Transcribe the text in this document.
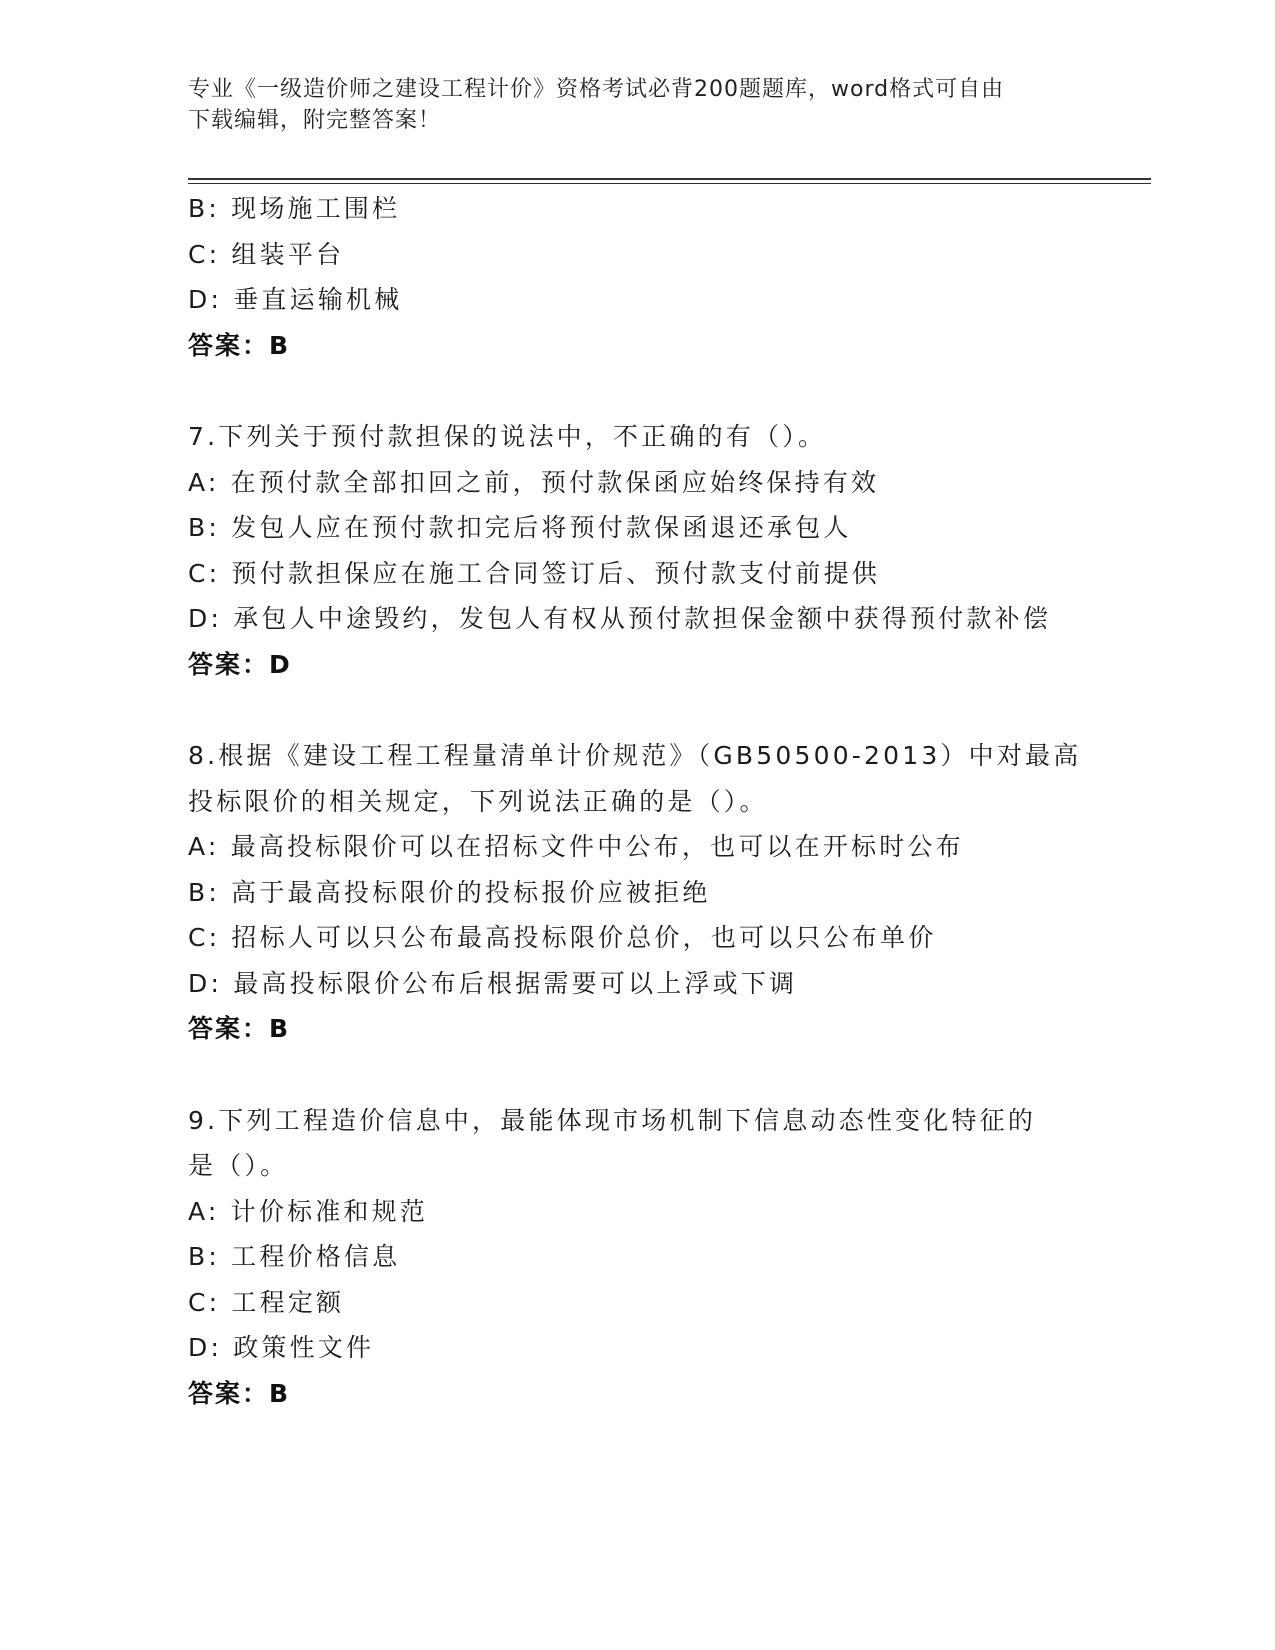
专业《一级造价师之建设工程计价》资格考试必背200题题库，word格式可自由
下载编辑，附完整答案！
B: 现场施工围栏
C: 组装平台
D: 垂直运输机械
答案：B
7.下列关于预付款担保的说法中，不正确的有（）。
A: 在预付款全部扣回之前，预付款保函应始终保持有效
B: 发包人应在预付款扣完后将预付款保函退还承包人
C: 预付款担保应在施工合同签订后、预付款支付前提供
D: 承包人中途毁约，发包人有权从预付款担保金额中获得预付款补偿
答案：D
8.根据《建设工程工程量清单计价规范》（GB50500-2013）中对最高
投标限价的相关规定，下列说法正确的是（）。
A: 最高投标限价可以在招标文件中公布，也可以在开标时公布
B: 高于最高投标限价的投标报价应被拒绝
C: 招标人可以只公布最高投标限价总价，也可以只公布单价
D: 最高投标限价公布后根据需要可以上浮或下调
答案：B
9.下列工程造价信息中，最能体现市场机制下信息动态性变化特征的
是（）。
A: 计价标准和规范
B: 工程价格信息
C: 工程定额
D: 政策性文件
答案：B
